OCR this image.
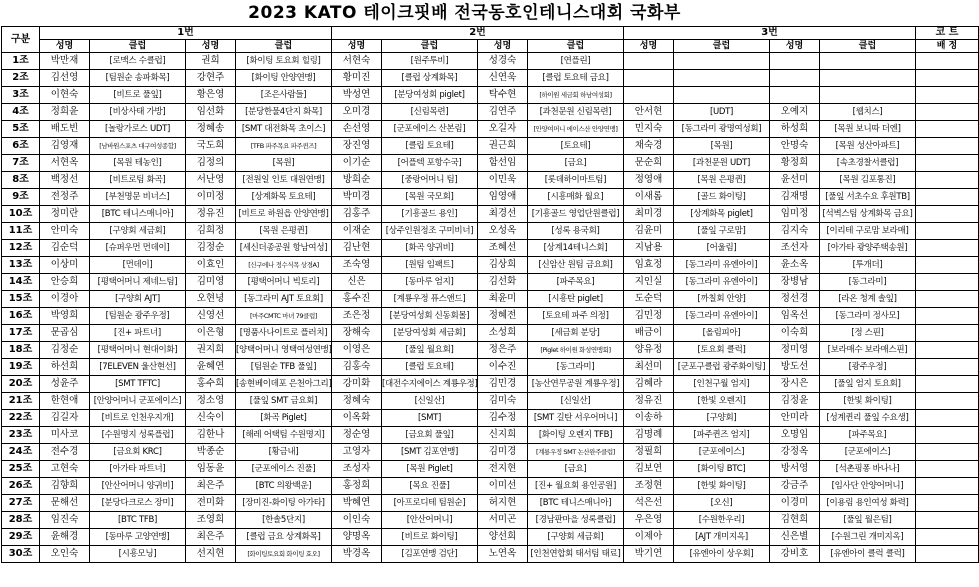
2023 KATO 테이크핏배 전국동호인테니스대회 국화부
구분	1번				2번				3번				코 트
	성명	클럽	성명	클럽	성명	클럽	성명	클럽	성명	클럽	성명	클럽	배 정
1조	박만재	[로맥스 수클럽]	권희	[화이팅 토요회 힐링]	서현숙	[원주투비]	성경숙	[연플린]					
2조	김선영	[팀원순 송파화목]	강현주	[화이팅 안양연맹]	황미진	[클럽 상계화목]	신연욱	[클럽 토요테 금요]					
3조	이현숙	[비트로 풀잎]	황은영	[조은사람들]	박성연	[분당여성회 piglet]	탁수현	[하이원 세금회 하남여성회]					
4조	정희윤	[비상사태 가방]	임선화	[분당한물4단지 화목]	오미경	[신림목련]	김연주	[과천문원 신림목련]	안서현	[UDT]	오예지	[웹치스]	
5조	배도빈	[놀랑가로스 UDT]	정혜송	[SMT 대전화목 초이스]	손선영	[군포에이스 산본림]	오길자	[안양여머니 에이스산 안양연맹]	민지숙	[동그라미 광명여성회]	하성희	[목원 보니따 더엔]	
6조	김영재	[남바원스포츠 대구여성종합]	국도희	[TFB 파주목요 파주퀸즈]	장진영	[클립 토요테]	권근희	[토요테]	채숙경	[목원]	안명숙	[목원 성산아파트]	
7조	서현옥	[목원 테농인]	김정의	[목원]	이기순	[어플텍 포항수국]	함선임	[금요]	문순희	[과천문원 UDT]	황정희	[속초경찰서클럽]	
8조	백정선	[비트로팀 화곡]	서난영	[전원일 인토 대원연맹]	방희순	[중랑어머니 팀]	이민욱	[롯데하이마트팀]	정영애	[목원 은평퀸]	윤선미	[목원 김포통진]	
9조	전정주	[부천명문 비너스]	이미정	[상계화목 토요테]	박미경	[목원 국모회]	임영애	[시흥매화 월요]	이새롬	[골드 화이팅]	김재명	[풀잎 서초수요 후원TB]	
10조	정미란	[BTC 테니스매니아]	정유진	[비트로 하원읍 안양연맹]	김홍주	[기흥골드 용인]	최경선	[기흥골드 영업단원클럽]	최미경	[상계화목 piglet]	임미정	[석벽스팀 상계화목 금요]	
11조	안미숙	[구양회 세금회]	김희정	[목원 은평퀸]	이재순	[상주인원정조 구미비너]	오성옥	[성록 용국회]	김윤미	[풀잎 구로맘]	김지숙	[이리테 구로맘 보라매]	
12조	김순덕	[슈퍼우먼 먼데이]	김정순	[세신더종공원 항남여성]	김난현	[화곡 양귀비]	조혜선	[상계14테니스회]	지남용	[어울림]	조선자	[아가타 광양주택송원]	
13조	이상미	[먼데이]	이효인	[신구에나 정수식목 상경A]	조숙영	[원팀 임팩트]	김상희	[신암산 원팀 금요회]	임효정	[동그라미 유엔아이]	윤소옥	[투개더]	
14조	안승희	[평택어머니 제네느팀]	김미영	[평택어머니 빅토리]	신은	[동마루 엄지]	김선화	[파주목요]	지인실	[동그라미 유엔아이]	장병남	[동그라미]	
15조	이경아	[구양회 AJT]	오현녕	[동그라미 AJT 토요회]	홍수진	[계룡우정 퓨스앤드]	최윤미	[시흥탄 piglet]	도순덕	[까칠회 안양]	정선경	[라온 청계 솔잎]	
16조	박영희	[팀원순 광주우정]	신영선	[마주CMTC 마녀 79클럽]	조은정	[분당여성회 신동회몰]	정혜전	[토요테 파주 의정]	김민정	[동그라미 유엔아이]	임옥선	[동그라미 정사모]	
17조	문곱심	[진+ 파트너]	이은형	[명품사나이트로 플러치]	장해숙	[분당여성회 세금회]	소성희	[세금회 분당]	배금이	[올림피아]	이숙희	[정 스핀]	
18조	김정순	[평택어머니 현대이화]	권지희	[양택어머니 영택여성연맹]	이영은	[풀잎 월요회]	정은주	[Piglet 하이원 화성연맹회]	양유정	[토요회 클럭]	정미영	[보라매수 보라매스핀]	
19조	하선희	[7ELEVEN 울산현선]	윤혜연	[팀원순 TFB 풀잎]	김홍숙	[클럽 토요테]	이수진	[동그라미]	최선미	[군포구클럽 광주화이팅]	방도선	[광주우정]	
20조	성윤주	[SMT TFTC]	홍수희	[송현베이데포 은천아그리]	강미화	[대전수지에이스 계룡우정]	김민경	[농산연무공원 계룡우정]	김혜라	[인천구월 엄지]	장시은	[풀잎 엄지 토요회]	
21조	한현애	[안양어머니 군포에이스]	정소영	[풀잎 SMT 금요회]	정혜숙	[신일산]	김미숙	[신일산]	정유진	[한빛 오렌지]	김정윤	[한빛 화이팅]	
22조	김길자	[비트로 인천우지개]	신숙이	[화곡 Piglet]	이옥화	[SMT]	김수정	[SMT 길탄 서우어머니]	이송하	[구양회]	안미라	[성계퀸리 풀잎 수요생]	
23조	미사코	[수원명지 성록플럽]	김한나	[해레 어택팀 수원명지]	정순영	[금요회 풀잎]	신지희	[화이팅 오렌지 TFB]	김명례	[파주퀸즈 엄지]	오명임	[파주목요]	
24조	전수경	[금요회 KRC]	박종순	[황금내]	고영자	[SMT 김포연맹]	김미경	[계룡우정 SMT 논산완주클럽]	정필희	[군포에이스]	강정옥	[군포에이스]	
25조	고현숙	[아가타 파트너]	임동윤	[군포에이스 진풀]	조성자	[목원 Piglet]	전지현	[금요]	김보연	[화이팅 BTC]	방서영	[석촌핑퐁 바나나]	
26조	김향희	[안산어머니 양귀비]	최은주	[BTC 의왕백운]	홍정희	[목요 진풀]	이미선	[진+ 월요회 용인공원]	조정현	[한빛 화이팅]	강금주	[임사단 안양어머니]	
27조	문해선	[분당다크로스 장미]	전미화	[장미진-화이팅 아가타]	박혜연	[아프로디테 팀원순]	허지현	[BTC 테니스매니아]	석은선	[오신]	이경미	[이용림 용인여성 화력]	
28조	임진숙	[BTC TFB]	조영희	[한솔5단지]	이인숙	[안산어머니]	서미곤	[경남판마을 성록클럽]	우은영	[수원한우리]	김현희	[풀잎 월은팀]	
29조	윤해경	[동마루 고양연맹]	최은주	[클럽 금요 상계화목]	양명옥	[비트로 화이팅]	양선희	[구양회 세금회]	이제아	[AJT 개미지옥]	신은별	[수원그린 개미지옥]	
30조	오인숙	[시흥모닝]	선지현	[화이팅토요회 화이팅 효오]	박경옥	[김포연맹 검단]	노연옥	[인천연합회 태서팀 태료]	박기연	[유엔아이 상우회]	강비호	[유엔아이 클럭 클럭]	
